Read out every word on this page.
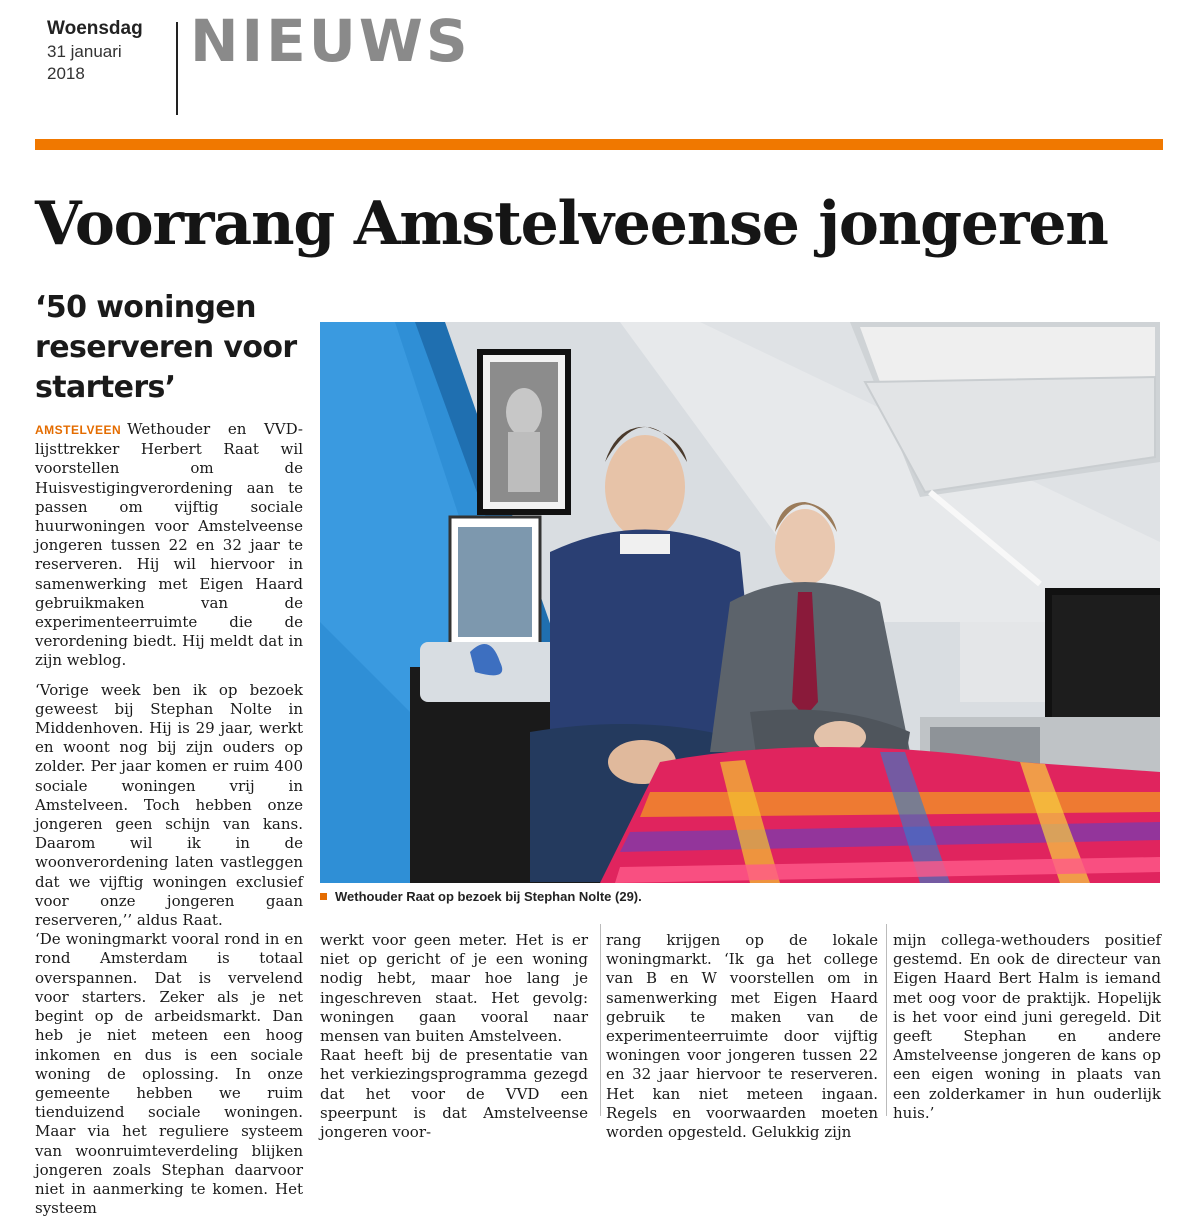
Woensdag
31 januari
2018 NIEUWS
Voorrang Amstelveense jongeren
‘50 woningen reserveren voor starters’

AMSTELVEEN Wethouder en VVD-lijsttrekker Herbert Raat wil voorstellen om de Huisvestigingverordening aan te passen om vijftig sociale huurwoningen voor Amstelveense jongeren tussen 22 en 32 jaar te reserveren. Hij wil hiervoor in samenwerking met Eigen Haard gebruikmaken van de experimenteerruimte die de verordening biedt. Hij meldt dat in zijn weblog.

‘Vorige week ben ik op bezoek geweest bij Stephan Nolte in Middenhoven. Hij is 29 jaar, werkt en woont nog bij zijn ouders op zolder. Per jaar komen er ruim 400 sociale woningen vrij in Amstelveen. Toch hebben onze jongeren geen schijn van kans. Daarom wil ik in de woonverordening laten vastleggen dat we vijftig woningen exclusief voor onze jongeren gaan reserveren,’’ aldus Raat.

‘De woningmarkt vooral rond in en rond Amsterdam is totaal overspannen. Dat is vervelend voor starters. Zeker als je net begint op de arbeidsmarkt. Dan heb je niet meteen een hoog inkomen en dus is een sociale woning de oplossing. In onze gemeente hebben we ruim tienduizend sociale woningen. Maar via het reguliere systeem van woonruimteverdeling blijken jongeren zoals Stephan daarvoor niet in aanmerking te komen. Het systeem

Wethouder Raat op bezoek bij Stephan Nolte (29).

werkt voor geen meter. Het is er niet op gericht of je een woning nodig hebt, maar hoe lang je ingeschreven staat. Het gevolg: woningen gaan vooral naar mensen van buiten Amstelveen.

Raat heeft bij de presentatie van het verkiezingsprogramma gezegd dat het voor de VVD een speerpunt is dat Amstelveense jongeren voor-

rang krijgen op de lokale woningmarkt. ‘Ik ga het college van B en W voorstellen om in samenwerking met Eigen Haard gebruik te maken van de experimenteerruimte door vijftig woningen voor jongeren tussen 22 en 32 jaar hiervoor te reserveren. Het kan niet meteen ingaan. Regels en voorwaarden moeten worden opgesteld. Gelukkig zijn

mijn collega-wethouders positief gestemd. En ook de directeur van Eigen Haard Bert Halm is iemand met oog voor de praktijk. Hopelijk is het voor eind juni geregeld. Dit geeft Stephan en andere Amstelveense jongeren de kans op een eigen woning in plaats van een zolderkamer in hun ouderlijk huis.’
